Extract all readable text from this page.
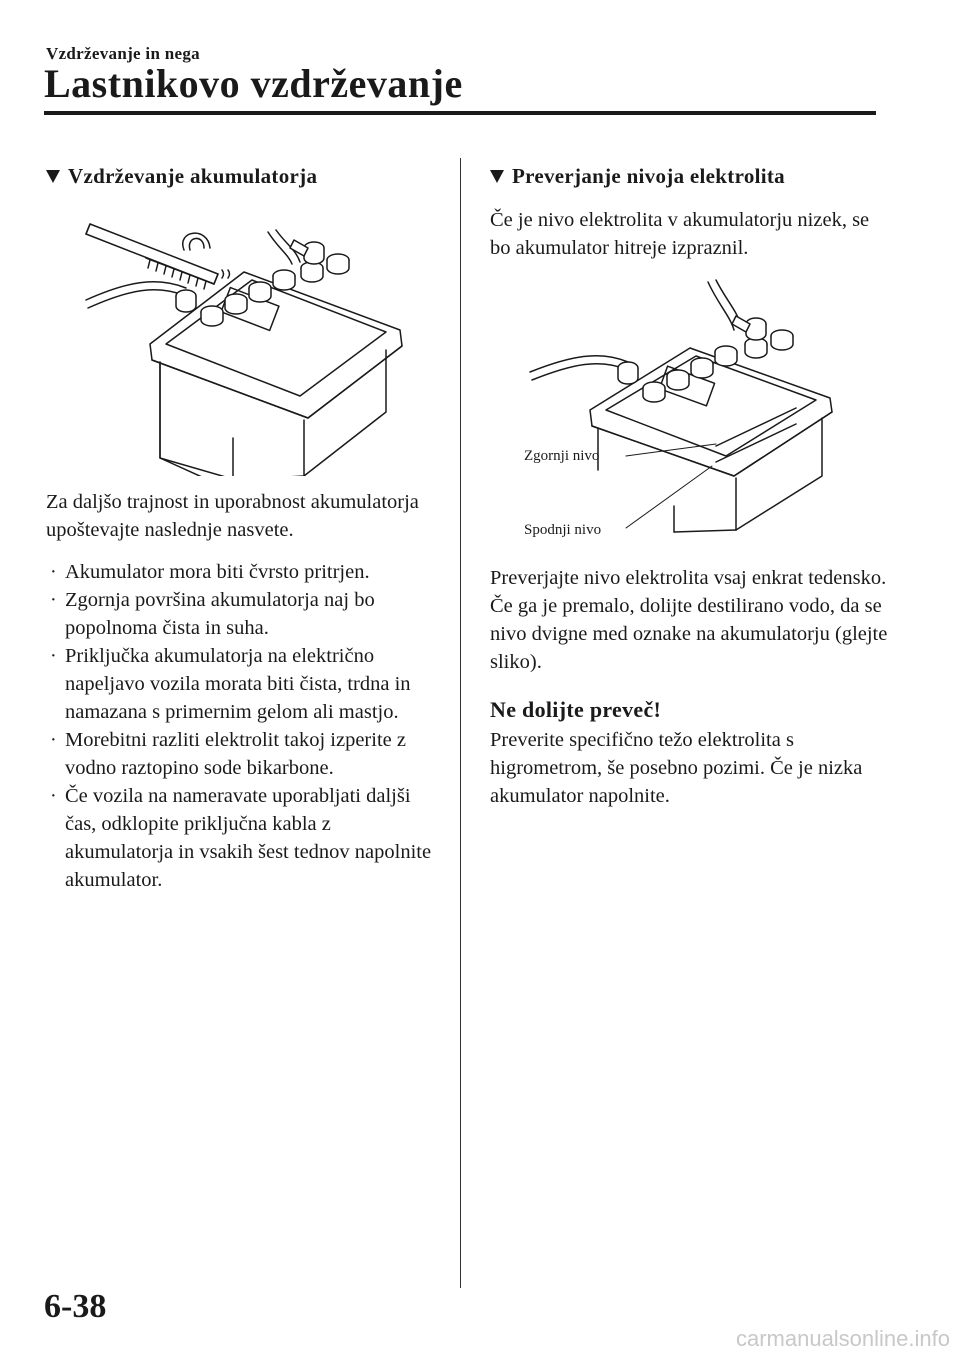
Vzdrževanje in nega
Lastnikovo vzdrževanje
Vzdrževanje akumulatorja

Za daljšo trajnost in uporabnost akumulatorja upoštevajte naslednje nasvete.

· Akumulator mora biti čvrsto pritrjen.
· Zgornja površina akumulatorja naj bo popolnoma čista in suha.
· Priključka akumulatorja na električno napeljavo vozila morata biti čista, trdna in namazana s primernim gelom ali mastjo.
· Morebitni razliti elektrolit takoj izperite z vodno raztopino sode bikarbone.
· Če vozila na nameravate uporabljati daljši čas, odklopite priključna kabla z akumulatorja in vsakih šest tednov napolnite akumulator.
Preverjanje nivoja elektrolita

Če je nivo elektrolita v akumulatorju nizek, se bo akumulator hitreje izpraznil.

Zgornji nivo
Spodnji nivo

Preverjajte nivo elektrolita vsaj enkrat tedensko. Če ga je premalo, dolijte destilirano vodo, da se nivo dvigne med oznake na akumulatorju (glejte sliko).

Ne dolijte preveč!

Preverite specifično težo elektrolita s higrometrom, še posebno pozimi. Če je nizka akumulator napolnite.

6-38
carmanualsonline.info
